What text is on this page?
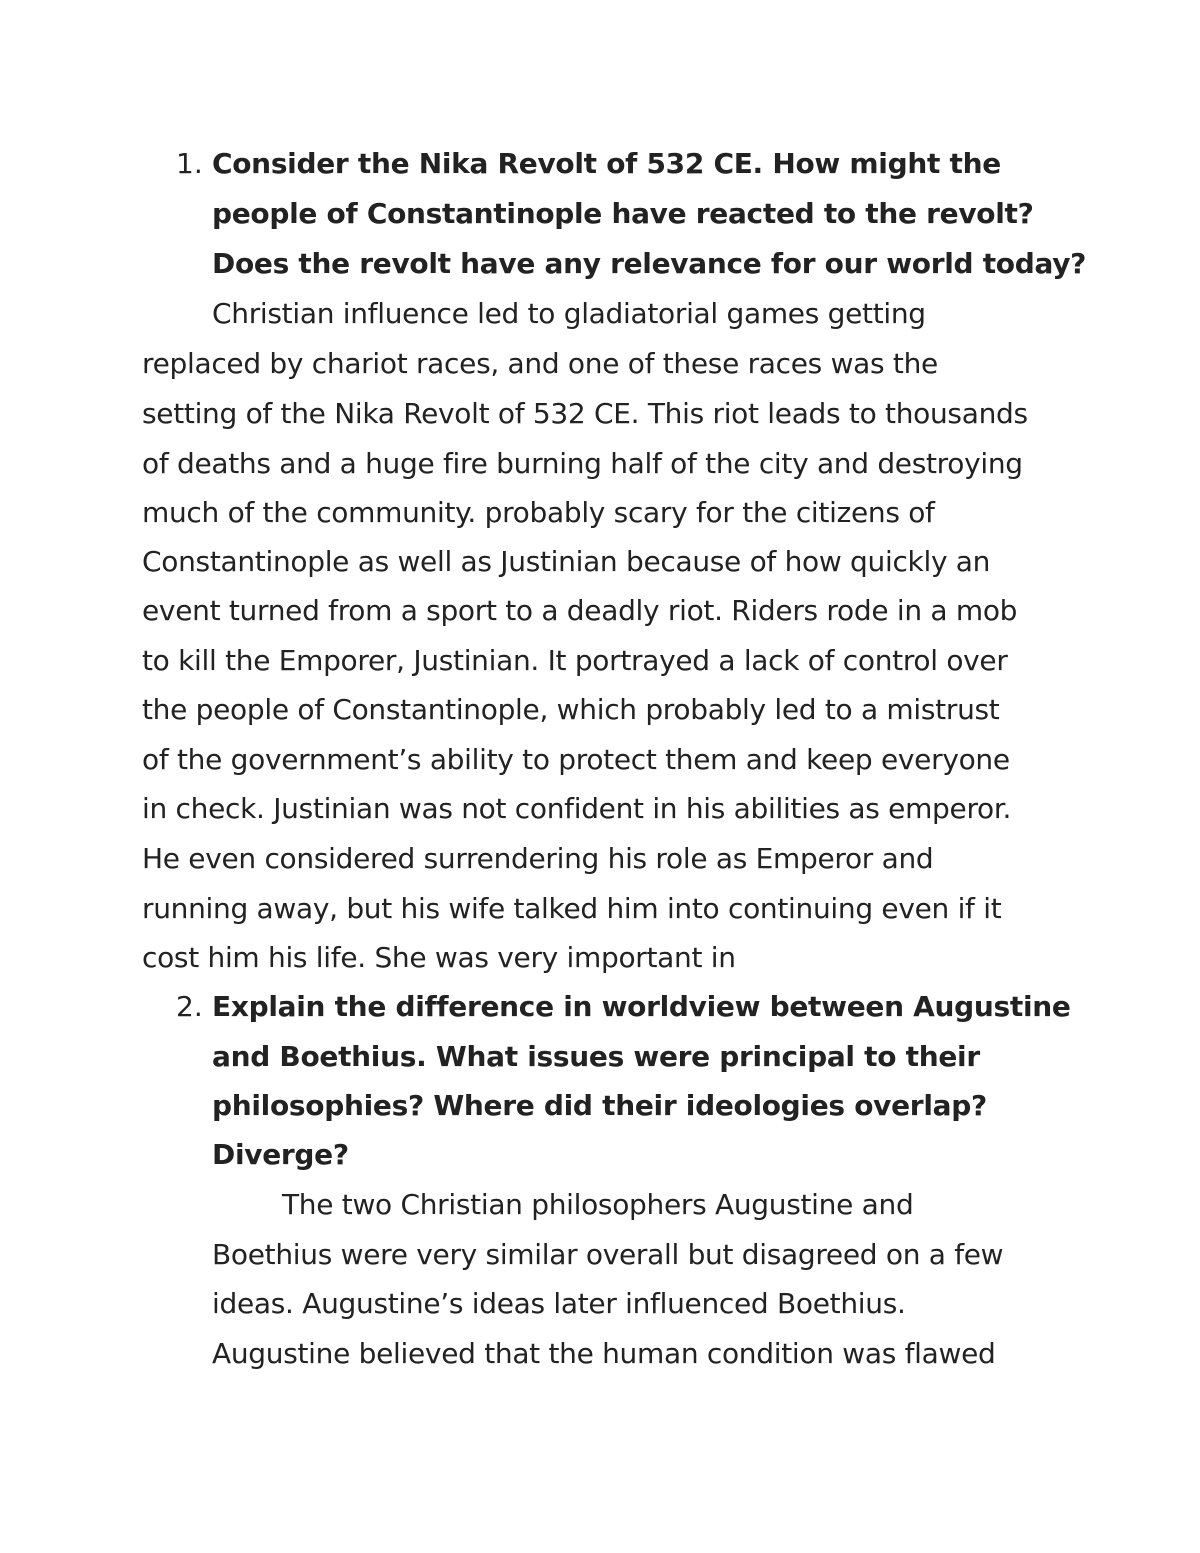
1. Consider the Nika Revolt of 532 CE. How might the
people of Constantinople have reacted to the revolt?
Does the revolt have any relevance for our world today?
Christian influence led to gladiatorial games getting
replaced by chariot races, and one of these races was the
setting of the Nika Revolt of 532 CE. This riot leads to thousands
of deaths and a huge fire burning half of the city and destroying
much of the community. probably scary for the citizens of
Constantinople as well as Justinian because of how quickly an
event turned from a sport to a deadly riot. Riders rode in a mob
to kill the Emporer, Justinian. It portrayed a lack of control over
the people of Constantinople, which probably led to a mistrust
of the government’s ability to protect them and keep everyone
in check. Justinian was not confident in his abilities as emperor.
He even considered surrendering his role as Emperor and
running away, but his wife talked him into continuing even if it
cost him his life. She was very important in
2. Explain the difference in worldview between Augustine
and Boethius. What issues were principal to their
philosophies? Where did their ideologies overlap?
Diverge?
The two Christian philosophers Augustine and
Boethius were very similar overall but disagreed on a few
ideas. Augustine’s ideas later influenced Boethius.
Augustine believed that the human condition was flawed
